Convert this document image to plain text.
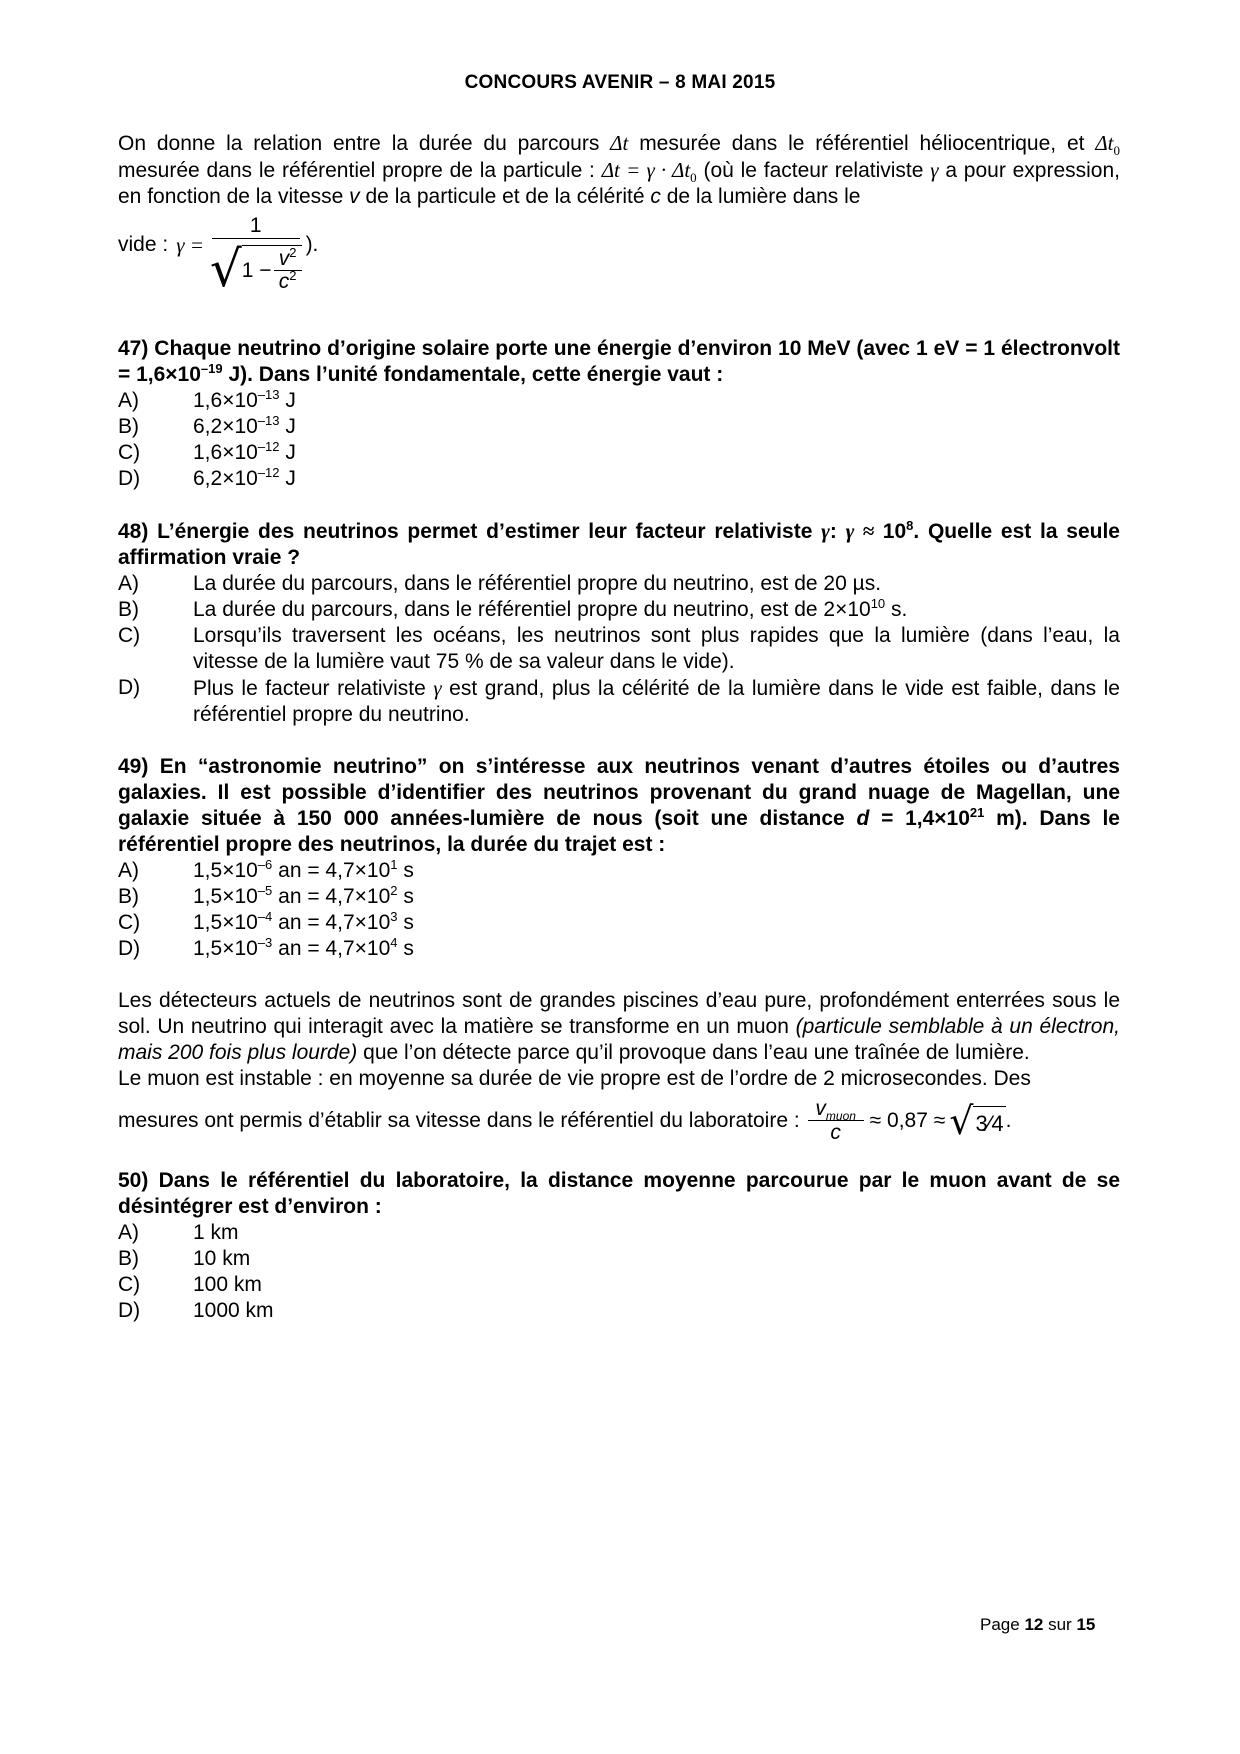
CONCOURS AVENIR – 8 MAI 2015

On donne la relation entre la durée du parcours Δt mesurée dans le référentiel héliocentrique, et $\Delta t_0$ mesurée dans le référentiel propre de la particule : $\Delta t = \gamma \cdot \Delta t_0$ (où le facteur relativiste γ a pour expression, en fonction de la vitesse v de la particule et de la célérité c de la lumière dans le

vide : γ =
1
√ $1 - \frac{v^2}{c^2}$
).

47) Chaque neutrino d’origine solaire porte une énergie d’environ 10 MeV (avec 1 eV = 1 électronvolt = $1,6\times 10^{-19}$ J). Dans l’unité fondamentale, cette énergie vaut :

A)	$1,6\times 10^{-13}$ J
B)	$6,2\times 10^{-13}$ J
C)	$1,6\times 10^{-12}$ J
D)	$6,2\times 10^{-12}$ J

48) L’énergie des neutrinos permet d’estimer leur facteur relativiste γ: $\gamma \approx 10^8$. Quelle est la seule affirmation vraie ?

A)	La durée du parcours, dans le référentiel propre du neutrino, est de 20 µs.
B)	La durée du parcours, dans le référentiel propre du neutrino, est de $2\times 10^{10}$ s.
C)	Lorsqu’ils traversent les océans, les neutrinos sont plus rapides que la lumière (dans l’eau, la vitesse de la lumière vaut 75 % de sa valeur dans le vide).
D)	Plus le facteur relativiste γ est grand, plus la célérité de la lumière dans le vide est faible, dans le référentiel propre du neutrino.

49) En “astronomie neutrino” on s’intéresse aux neutrinos venant d’autres étoiles ou d’autres galaxies. Il est possible d’identifier des neutrinos provenant du grand nuage de Magellan, une galaxie située à 150 000 années-lumière de nous (soit une distance $d = 1,4\times 10^{21}$ m). Dans le référentiel propre des neutrinos, la durée du trajet est :

A)	$1,5\times 10^{-6}$ an = $4,7\times 10^1$ s
B)	$1,5\times 10^{-5}$ an = $4,7\times 10^2$ s
C)	$1,5\times 10^{-4}$ an = $4,7\times 10^3$ s
D)	$1,5\times 10^{-3}$ an = $4,7\times 10^4$ s

Les détecteurs actuels de neutrinos sont de grandes piscines d’eau pure, profondément enterrées sous le sol. Un neutrino qui interagit avec la matière se transforme en un muon (particule semblable à un électron, mais 200 fois plus lourde) que l’on détecte parce qu’il provoque dans l’eau une traînée de lumière.

Le muon est instable : en moyenne sa durée de vie propre est de l’ordre de 2 microsecondes. Des

mesures ont permis d’établir sa vitesse dans le référentiel du laboratoire :
$v_{muon}$
c ≈ 0,87 ≈ √ 3⁄4 .

50) Dans le référentiel du laboratoire, la distance moyenne parcourue par le muon avant de se désintégrer est d’environ :

A)	1 km
B)	10 km
C)	100 km
D)	1000 km
Page 12 sur 15
